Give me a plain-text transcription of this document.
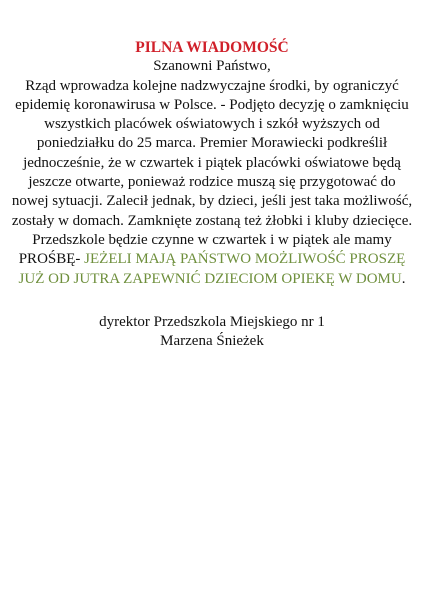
PILNA WIADOMOŚĆ
Szanowni Państwo,
Rząd wprowadza kolejne nadzwyczajne środki, by ograniczyć epidemię koronawirusa w Polsce. - Podjęto decyzję o zamknięciu wszystkich placówek oświatowych i szkół wyższych od poniedziałku do 25 marca. Premier Morawiecki podkreślił jednocześnie, że w czwartek i piątek placówki oświatowe będą jeszcze otwarte, ponieważ rodzice muszą się przygotować do nowej sytuacji. Zalecił jednak, by dzieci, jeśli jest taka możliwość, zostały w domach. Zamknięte zostaną też żłobki i kluby dziecięce. Przedszkole będzie czynne w czwartek i w piątek ale mamy PROŚBĘ- JEŻELI MAJĄ PAŃSTWO MOŻLIWOŚĆ PROSZĘ JUŻ OD JUTRA ZAPEWNIĆ DZIECIOM OPIEKĘ W DOMU.
dyrektor Przedszkola Miejskiego nr 1
Marzena Śnieżek
